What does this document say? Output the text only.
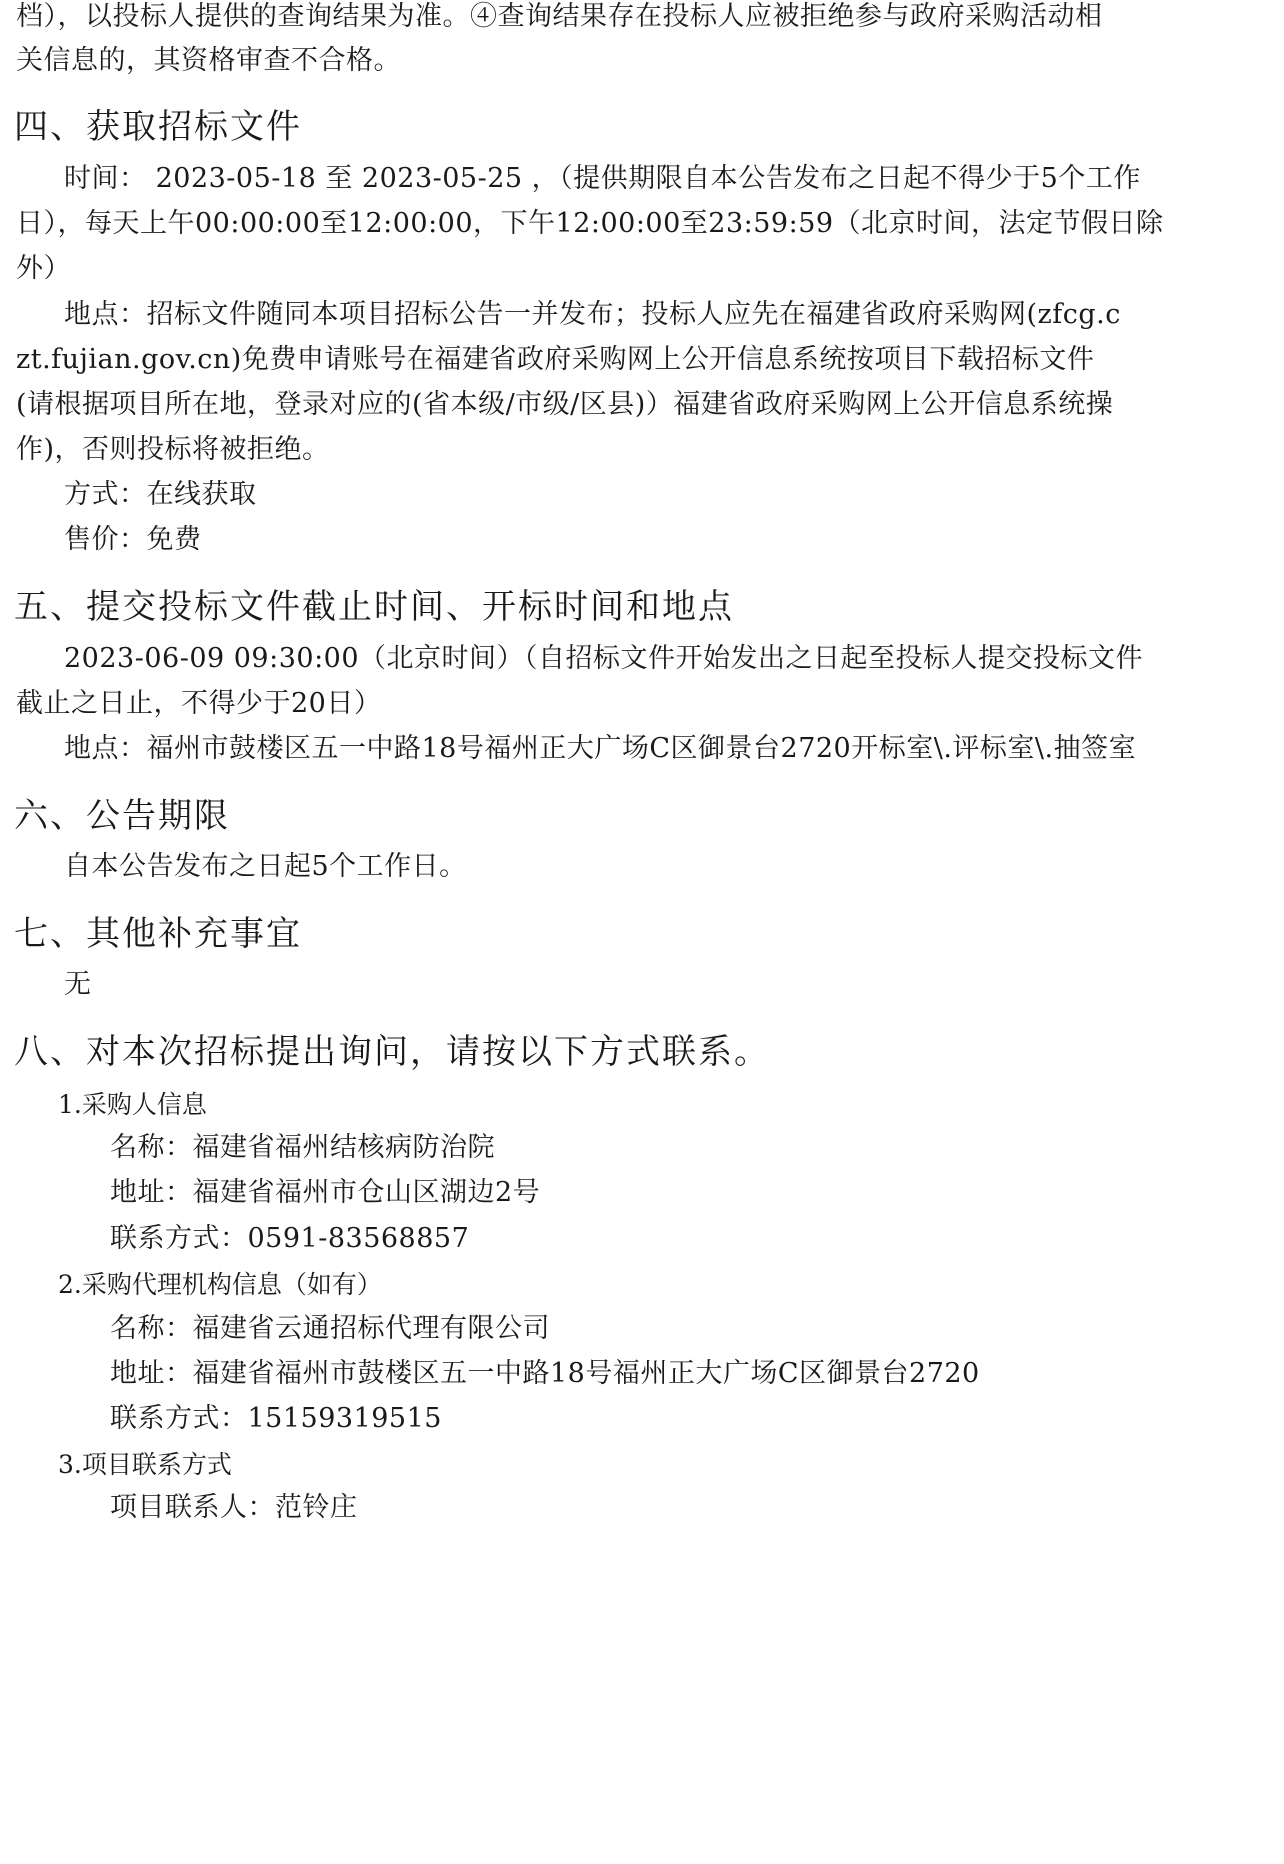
档），以投标人提供的查询结果为准。④查询结果存在投标人应被拒绝参与政府采购活动相
关信息的，其资格审查不合格。
四、获取招标文件
时间： 2023-05-18 至 2023-05-25 ，（提供期限自本公告发布之日起不得少于5个工作
日），每天上午00:00:00至12:00:00，下午12:00:00至23:59:59（北京时间，法定节假日除
外）
地点：招标文件随同本项目招标公告一并发布；投标人应先在福建省政府采购网(zfcg.c
zt.fujian.gov.cn)免费申请账号在福建省政府采购网上公开信息系统按项目下载招标文件
(请根据项目所在地，登录对应的(省本级/市级/区县)）福建省政府采购网上公开信息系统操
作)，否则投标将被拒绝。
方式：在线获取
售价：免费
五、提交投标文件截止时间、开标时间和地点
2023-06-09 09:30:00（北京时间）（自招标文件开始发出之日起至投标人提交投标文件
截止之日止，不得少于20日）
地点：福州市鼓楼区五一中路18号福州正大广场C区御景台2720开标室\.评标室\.抽签室
六、公告期限
自本公告发布之日起5个工作日。
七、其他补充事宜
无
八、对本次招标提出询问，请按以下方式联系。
1.采购人信息
名称：福建省福州结核病防治院
地址：福建省福州市仓山区湖边2号
联系方式：0591-83568857
2.采购代理机构信息（如有）
名称：福建省云通招标代理有限公司
地址：福建省福州市鼓楼区五一中路18号福州正大广场C区御景台2720
联系方式：15159319515
3.项目联系方式
项目联系人：范铃庄
